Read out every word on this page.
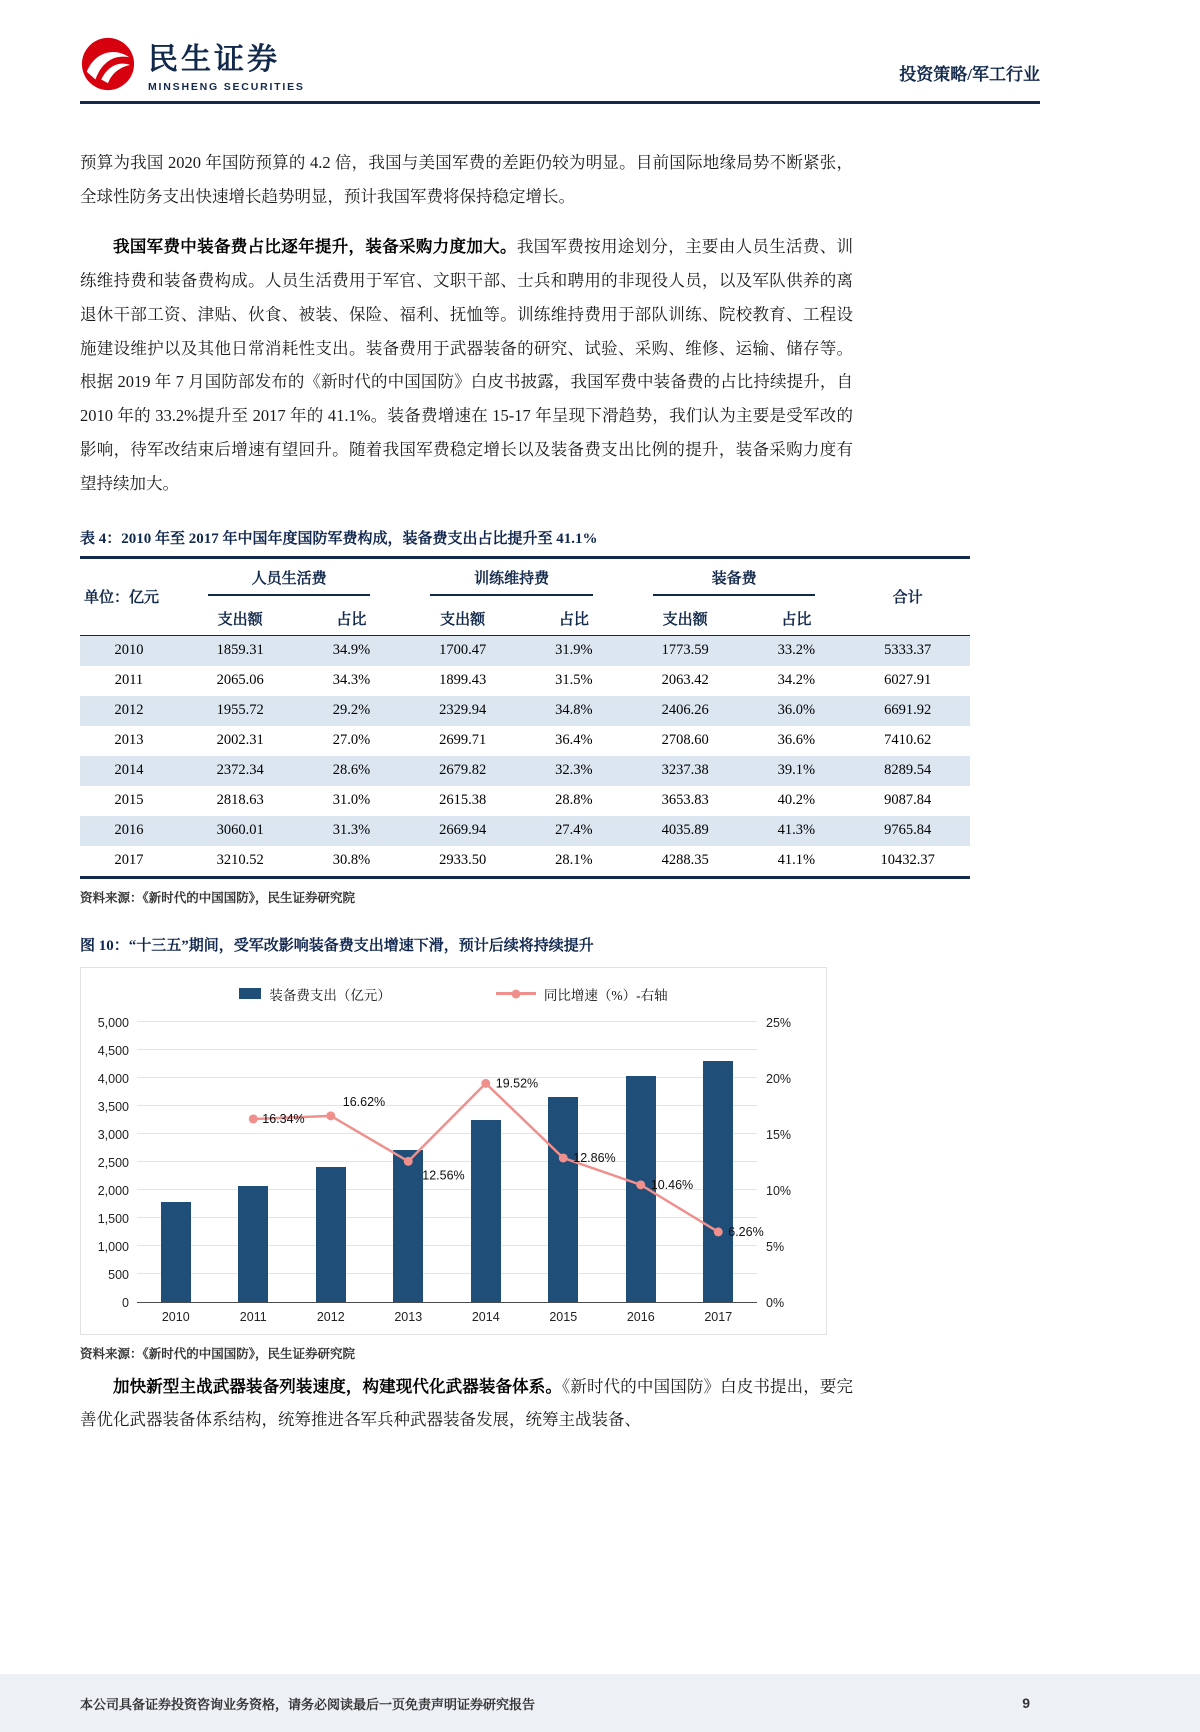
民生证券
MINSHENG SECURITIES
投资策略/军工行业

预算为我国 2020 年国防预算的 4.2 倍，我国与美国军费的差距仍较为明显。目前国际地缘局势不断紧张，全球性防务支出快速增长趋势明显，预计我国军费将保持稳定增长。

我国军费中装备费占比逐年提升，装备采购力度加大。我国军费按用途划分，主要由人员生活费、训练维持费和装备费构成。人员生活费用于军官、文职干部、士兵和聘用的非现役人员，以及军队供养的离退休干部工资、津贴、伙食、被装、保险、福利、抚恤等。训练维持费用于部队训练、院校教育、工程设施建设维护以及其他日常消耗性支出。装备费用于武器装备的研究、试验、采购、维修、运输、储存等。根据 2019 年 7 月国防部发布的《新时代的中国国防》白皮书披露，我国军费中装备费的占比持续提升，自 2010 年的 33.2%提升至 2017 年的 41.1%。装备费增速在 15-17 年呈现下滑趋势，我们认为主要是受军改的影响，待军改结束后增速有望回升。随着我国军费稳定增长以及装备费支出比例的提升，装备采购力度有望持续加大。

表 4：2010 年至 2017 年中国年度国防军费构成，装备费支出占比提升至 41.1%
单位：亿元	人员生活费		训练维持费		装备费		合计
	支出额	占比	支出额	占比	支出额	占比	
2010	1859.31	34.9%	1700.47	31.9%	1773.59	33.2%	5333.37
2011	2065.06	34.3%	1899.43	31.5%	2063.42	34.2%	6027.91
2012	1955.72	29.2%	2329.94	34.8%	2406.26	36.0%	6691.92
2013	2002.31	27.0%	2699.71	36.4%	2708.60	36.6%	7410.62
2014	2372.34	28.6%	2679.82	32.3%	3237.38	39.1%	8289.54
2015	2818.63	31.0%	2615.38	28.8%	3653.83	40.2%	9087.84
2016	3060.01	31.3%	2669.94	27.4%	4035.89	41.3%	9765.84
2017	3210.52	30.8%	2933.50	28.1%	4288.35	41.1%	10432.37
资料来源：《新时代的中国国防》，民生证券研究院
图 10：“十三五”期间，受军改影响装备费支出增速下滑，预计后续将持续提升
装备费支出（亿元）	同比增速（%）-右轴
0
500
1,000
1,500
2,000
2,500
3,000
3,500
4,000
4,500
5,000
16.34%
16.62%
12.56%
19.52%
12.86%
10.46%
6.26%
0%
5%
10%
15%
20%
25%
2010	2011	2012	2013	2014	2015	2016	2017
资料来源：《新时代的中国国防》，民生证券研究院

加快新型主战武器装备列装速度，构建现代化武器装备体系。《新时代的中国国防》白皮书提出，要完善优化武器装备体系结构，统筹推进各军兵种武器装备发展，统筹主战装备、

本公司具备证券投资咨询业务资格，请务必阅读最后一页免责声明证券研究报告	9
